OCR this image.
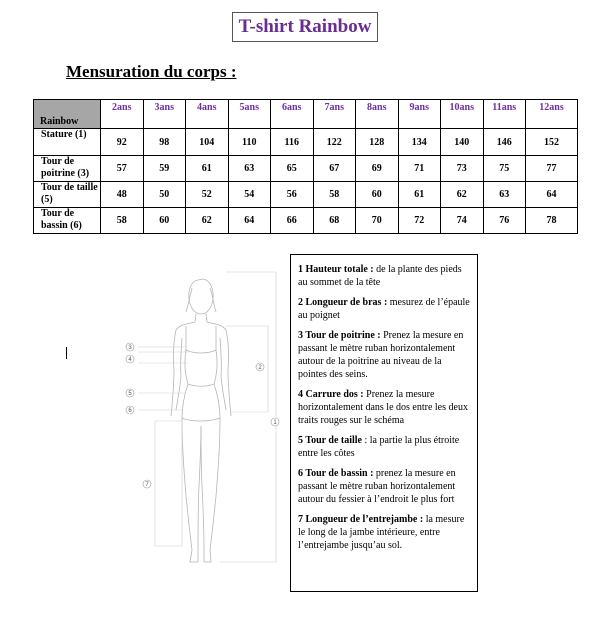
T-shirt Rainbow
Mensuration du corps :
Rainbow	2ans	3ans	4ans	5ans	6ans	7ans	8ans	9ans	10ans	11ans	12ans
Stature (1)	92	98	104	110	116	122	128	134	140	146	152
Tour de poitrine (3)	57	59	61	63	65	67	69	71	73	75	77
Tour de taille (5)	48	50	52	54	56	58	60	61	62	63	64
Tour de bassin (6)	58	60	62	64	66	68	70	72	74	76	78
3
4
5
6
2
1
7

1 Hauteur totale : de la plante des pieds au sommet de la tête

2 Longueur de bras : mesurez de l’épaule au poignet

3 Tour de poitrine : Prenez la mesure en passant le mètre ruban horizontalement autour de la poitrine au niveau de la pointes des seins.

4 Carrure dos : Prenez la mesure horizontalement dans le dos entre les deux traits rouges sur le schéma

5 Tour de taille : la partie la plus étroite entre les côtes

6 Tour de bassin : prenez la mesure en passant le mètre ruban horizontalement autour du fessier à l’endroit le plus fort

7 Longueur de l’entrejambe : la mesure le long de la jambe intérieure, entre l’entrejambe jusqu’au sol.
